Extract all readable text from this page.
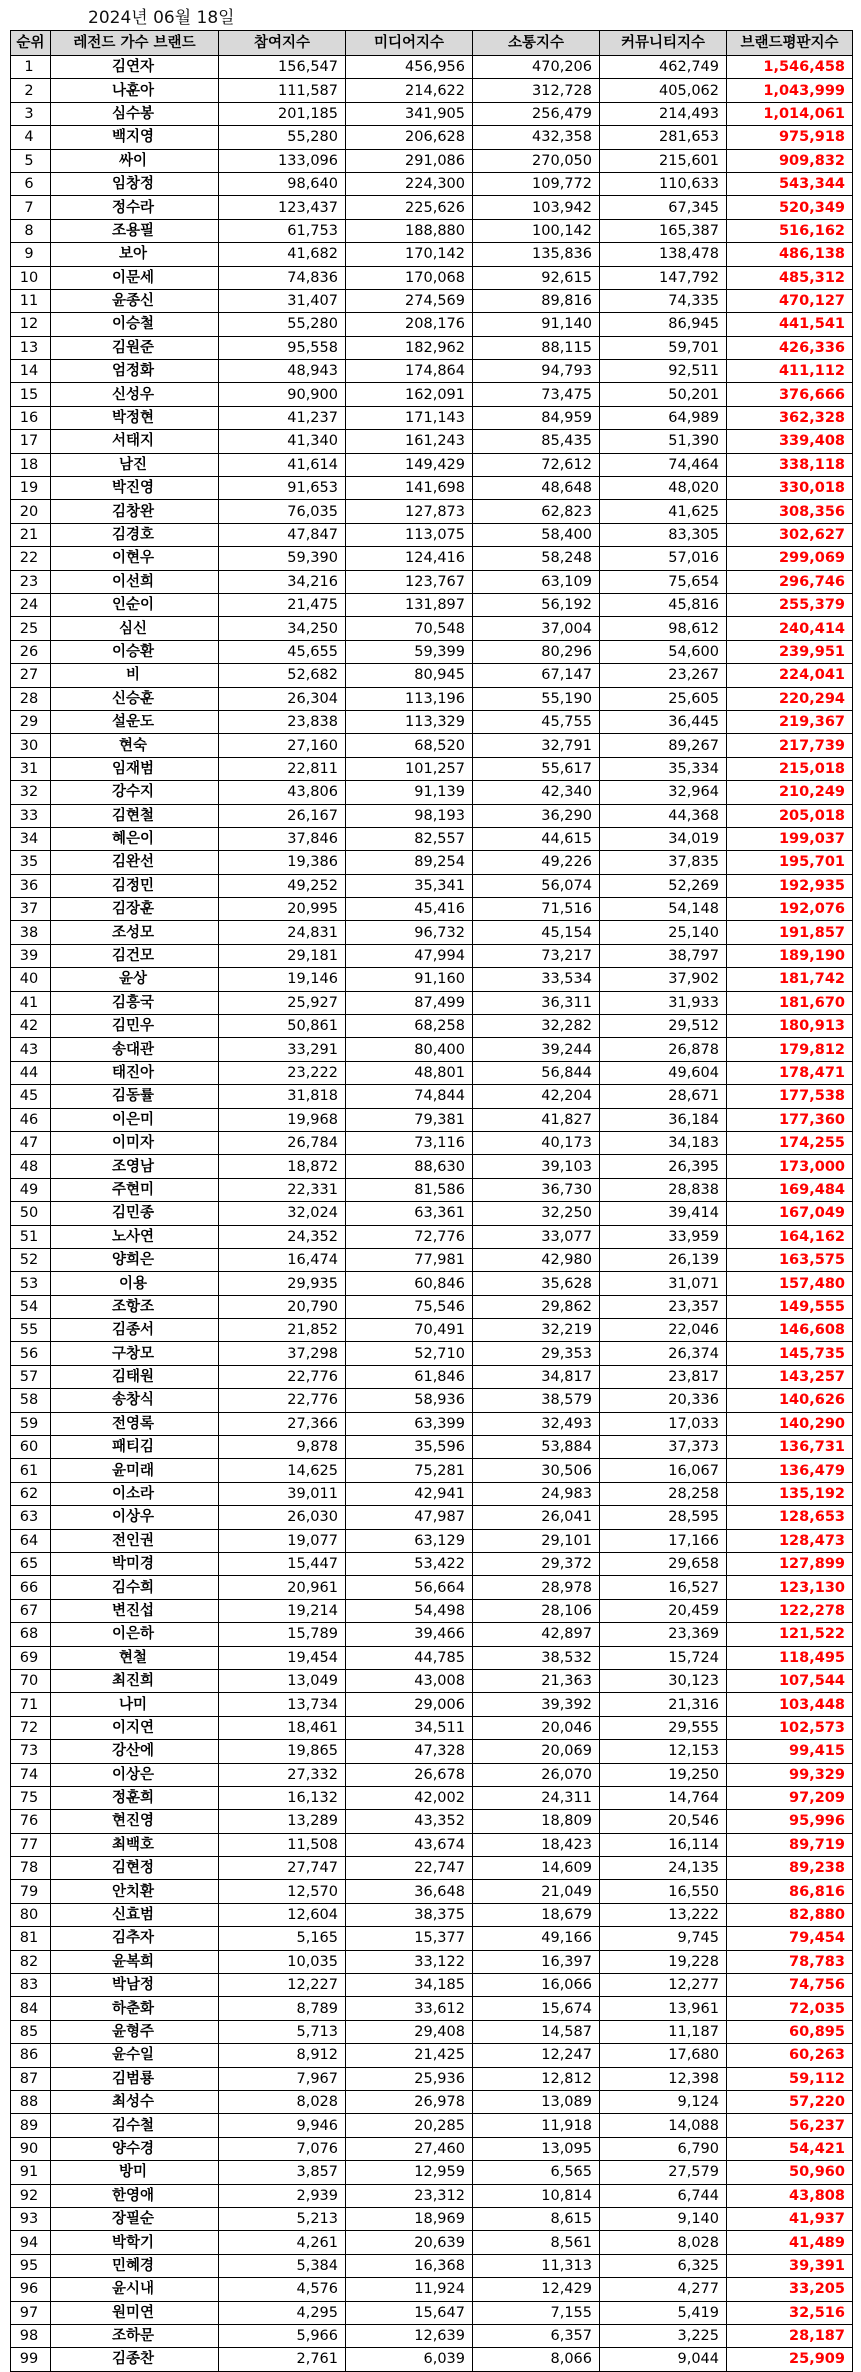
2024년 06월 18일
순위	레전드 가수 브랜드	참여지수	미디어지수	소통지수	커뮤니티지수	브랜드평판지수
1	김연자	156,547	456,956	470,206	462,749	1,546,458
2	나훈아	111,587	214,622	312,728	405,062	1,043,999
3	심수봉	201,185	341,905	256,479	214,493	1,014,061
4	백지영	55,280	206,628	432,358	281,653	975,918
5	싸이	133,096	291,086	270,050	215,601	909,832
6	임창정	98,640	224,300	109,772	110,633	543,344
7	정수라	123,437	225,626	103,942	67,345	520,349
8	조용필	61,753	188,880	100,142	165,387	516,162
9	보아	41,682	170,142	135,836	138,478	486,138
10	이문세	74,836	170,068	92,615	147,792	485,312
11	윤종신	31,407	274,569	89,816	74,335	470,127
12	이승철	55,280	208,176	91,140	86,945	441,541
13	김원준	95,558	182,962	88,115	59,701	426,336
14	엄정화	48,943	174,864	94,793	92,511	411,112
15	신성우	90,900	162,091	73,475	50,201	376,666
16	박정현	41,237	171,143	84,959	64,989	362,328
17	서태지	41,340	161,243	85,435	51,390	339,408
18	남진	41,614	149,429	72,612	74,464	338,118
19	박진영	91,653	141,698	48,648	48,020	330,018
20	김창완	76,035	127,873	62,823	41,625	308,356
21	김경호	47,847	113,075	58,400	83,305	302,627
22	이현우	59,390	124,416	58,248	57,016	299,069
23	이선희	34,216	123,767	63,109	75,654	296,746
24	인순이	21,475	131,897	56,192	45,816	255,379
25	심신	34,250	70,548	37,004	98,612	240,414
26	이승환	45,655	59,399	80,296	54,600	239,951
27	비	52,682	80,945	67,147	23,267	224,041
28	신승훈	26,304	113,196	55,190	25,605	220,294
29	설운도	23,838	113,329	45,755	36,445	219,367
30	현숙	27,160	68,520	32,791	89,267	217,739
31	임재범	22,811	101,257	55,617	35,334	215,018
32	강수지	43,806	91,139	42,340	32,964	210,249
33	김현철	26,167	98,193	36,290	44,368	205,018
34	혜은이	37,846	82,557	44,615	34,019	199,037
35	김완선	19,386	89,254	49,226	37,835	195,701
36	김정민	49,252	35,341	56,074	52,269	192,935
37	김장훈	20,995	45,416	71,516	54,148	192,076
38	조성모	24,831	96,732	45,154	25,140	191,857
39	김건모	29,181	47,994	73,217	38,797	189,190
40	윤상	19,146	91,160	33,534	37,902	181,742
41	김흥국	25,927	87,499	36,311	31,933	181,670
42	김민우	50,861	68,258	32,282	29,512	180,913
43	송대관	33,291	80,400	39,244	26,878	179,812
44	태진아	23,222	48,801	56,844	49,604	178,471
45	김동률	31,818	74,844	42,204	28,671	177,538
46	이은미	19,968	79,381	41,827	36,184	177,360
47	이미자	26,784	73,116	40,173	34,183	174,255
48	조영남	18,872	88,630	39,103	26,395	173,000
49	주현미	22,331	81,586	36,730	28,838	169,484
50	김민종	32,024	63,361	32,250	39,414	167,049
51	노사연	24,352	72,776	33,077	33,959	164,162
52	양희은	16,474	77,981	42,980	26,139	163,575
53	이용	29,935	60,846	35,628	31,071	157,480
54	조항조	20,790	75,546	29,862	23,357	149,555
55	김종서	21,852	70,491	32,219	22,046	146,608
56	구창모	37,298	52,710	29,353	26,374	145,735
57	김태원	22,776	61,846	34,817	23,817	143,257
58	송창식	22,776	58,936	38,579	20,336	140,626
59	전영록	27,366	63,399	32,493	17,033	140,290
60	패티김	9,878	35,596	53,884	37,373	136,731
61	윤미래	14,625	75,281	30,506	16,067	136,479
62	이소라	39,011	42,941	24,983	28,258	135,192
63	이상우	26,030	47,987	26,041	28,595	128,653
64	전인권	19,077	63,129	29,101	17,166	128,473
65	박미경	15,447	53,422	29,372	29,658	127,899
66	김수희	20,961	56,664	28,978	16,527	123,130
67	변진섭	19,214	54,498	28,106	20,459	122,278
68	이은하	15,789	39,466	42,897	23,369	121,522
69	현철	19,454	44,785	38,532	15,724	118,495
70	최진희	13,049	43,008	21,363	30,123	107,544
71	나미	13,734	29,006	39,392	21,316	103,448
72	이지연	18,461	34,511	20,046	29,555	102,573
73	강산에	19,865	47,328	20,069	12,153	99,415
74	이상은	27,332	26,678	26,070	19,250	99,329
75	정훈희	16,132	42,002	24,311	14,764	97,209
76	현진영	13,289	43,352	18,809	20,546	95,996
77	최백호	11,508	43,674	18,423	16,114	89,719
78	김현정	27,747	22,747	14,609	24,135	89,238
79	안치환	12,570	36,648	21,049	16,550	86,816
80	신효범	12,604	38,375	18,679	13,222	82,880
81	김추자	5,165	15,377	49,166	9,745	79,454
82	윤복희	10,035	33,122	16,397	19,228	78,783
83	박남정	12,227	34,185	16,066	12,277	74,756
84	하춘화	8,789	33,612	15,674	13,961	72,035
85	윤형주	5,713	29,408	14,587	11,187	60,895
86	윤수일	8,912	21,425	12,247	17,680	60,263
87	김범룡	7,967	25,936	12,812	12,398	59,112
88	최성수	8,028	26,978	13,089	9,124	57,220
89	김수철	9,946	20,285	11,918	14,088	56,237
90	양수경	7,076	27,460	13,095	6,790	54,421
91	방미	3,857	12,959	6,565	27,579	50,960
92	한영애	2,939	23,312	10,814	6,744	43,808
93	장필순	5,213	18,969	8,615	9,140	41,937
94	박학기	4,261	20,639	8,561	8,028	41,489
95	민혜경	5,384	16,368	11,313	6,325	39,391
96	윤시내	4,576	11,924	12,429	4,277	33,205
97	원미연	4,295	15,647	7,155	5,419	32,516
98	조하문	5,966	12,639	6,357	3,225	28,187
99	김종찬	2,761	6,039	8,066	9,044	25,909
